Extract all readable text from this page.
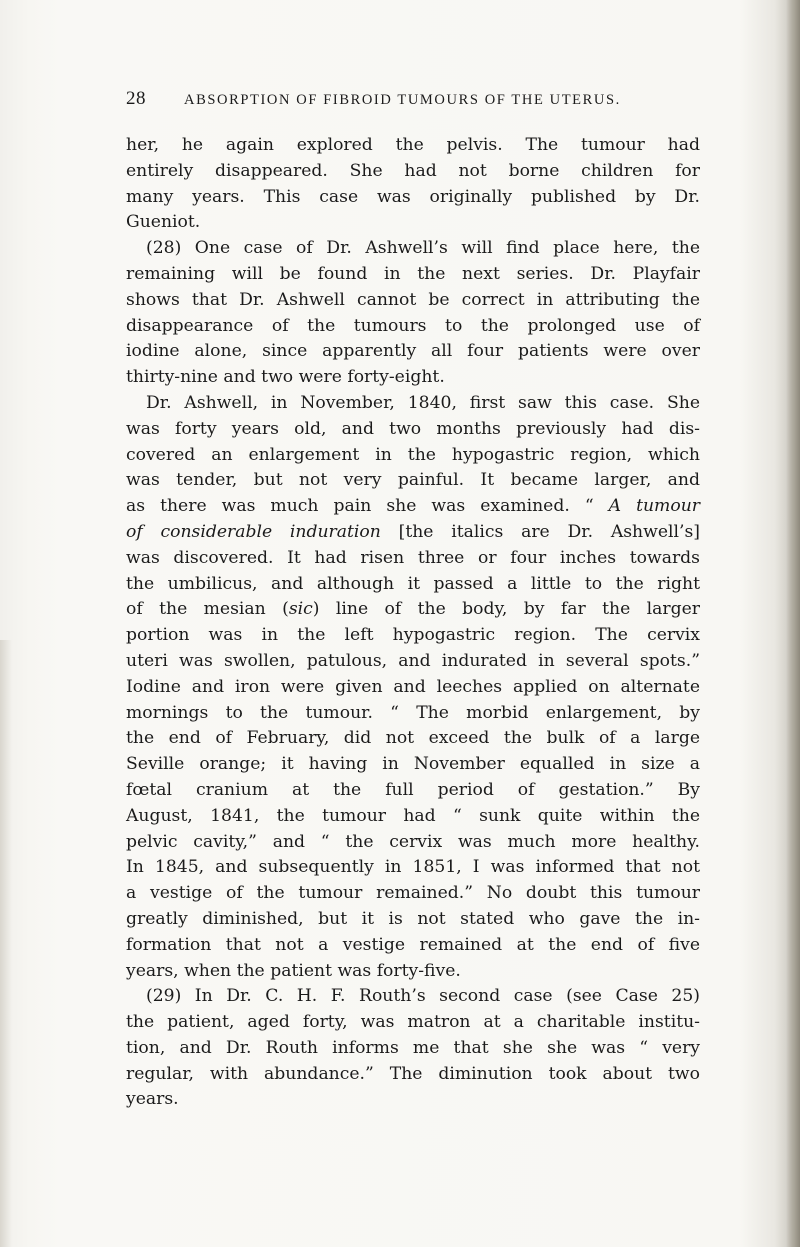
28	ABSORPTION OF FIBROID TUMOURS OF THE UTERUS.
her, he again explored the pelvis. The tumour had
entirely disappeared. She had not borne children for
many years. This case was originally published by Dr.
Gueniot.
(28) One case of Dr. Ashwell’s will find place here, the
remaining will be found in the next series. Dr. Playfair
shows that Dr. Ashwell cannot be correct in attributing the
disappearance of the tumours to the prolonged use of
iodine alone, since apparently all four patients were over
thirty-nine and two were forty-eight.
Dr. Ashwell, in November, 1840, first saw this case. She
was forty years old, and two months previously had dis-
covered an enlargement in the hypogastric region, which
was tender, but not very painful. It became larger, and
as there was much pain she was examined. “ A tumour
of considerable induration [the italics are Dr. Ashwell’s]
was discovered. It had risen three or four inches towards
the umbilicus, and although it passed a little to the right
of the mesian (sic) line of the body, by far the larger
portion was in the left hypogastric region. The cervix
uteri was swollen, patulous, and indurated in several spots.”
Iodine and iron were given and leeches applied on alternate
mornings to the tumour. “ The morbid enlargement, by
the end of February, did not exceed the bulk of a large
Seville orange; it having in November equalled in size a
fœtal cranium at the full period of gestation.” By
August, 1841, the tumour had “ sunk quite within the
pelvic cavity,” and “ the cervix was much more healthy.
In 1845, and subsequently in 1851, I was informed that not
a vestige of the tumour remained.” No doubt this tumour
greatly diminished, but it is not stated who gave the in-
formation that not a vestige remained at the end of five
years, when the patient was forty-five.
(29) In Dr. C. H. F. Routh’s second case (see Case 25)
the patient, aged forty, was matron at a charitable institu-
tion, and Dr. Routh informs me that she she was “ very
regular, with abundance.” The diminution took about two
years.
